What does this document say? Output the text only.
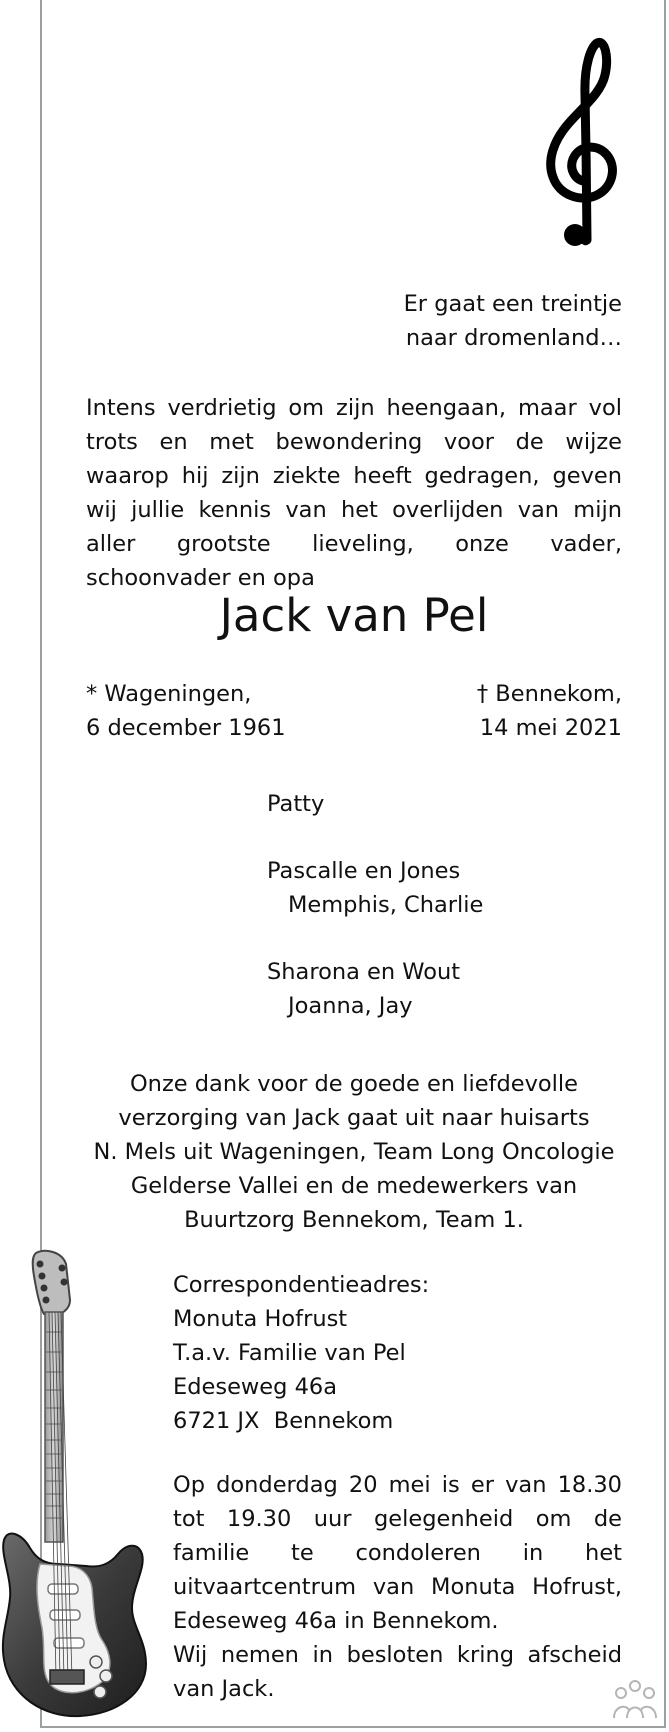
Er gaat een treintje
naar dromenland…
Intens verdrietig om zijn heengaan, maar vol trots en met bewondering voor de wijze waarop hij zijn ziekte heeft gedragen, geven wij jullie kennis van het overlijden van mijn aller grootste lieveling, onze vader, schoonvader en opa
Jack van Pel
* Wageningen,
6 december 1961
† Bennekom,
14 mei 2021
Patty
Pascalle en Jones
Memphis, Charlie
Sharona en Wout
Joanna, Jay
Onze dank voor de goede en liefdevolle
verzorging van Jack gaat uit naar huisarts
N. Mels uit Wageningen, Team Long Oncologie
Gelderse Vallei en de medewerkers van
Buurtzorg Bennekom, Team 1.
Correspondentieadres:
Monuta Hofrust
T.a.v. Familie van Pel
Edeseweg 46a
6721 JX  Bennekom
Op donderdag 20 mei is er van 18.30 tot 19.30 uur gelegenheid om de familie te condoleren in het uitvaartcentrum van Monuta Hofrust, Edeseweg 46a in Bennekom.
Wij nemen in besloten kring afscheid van Jack.
